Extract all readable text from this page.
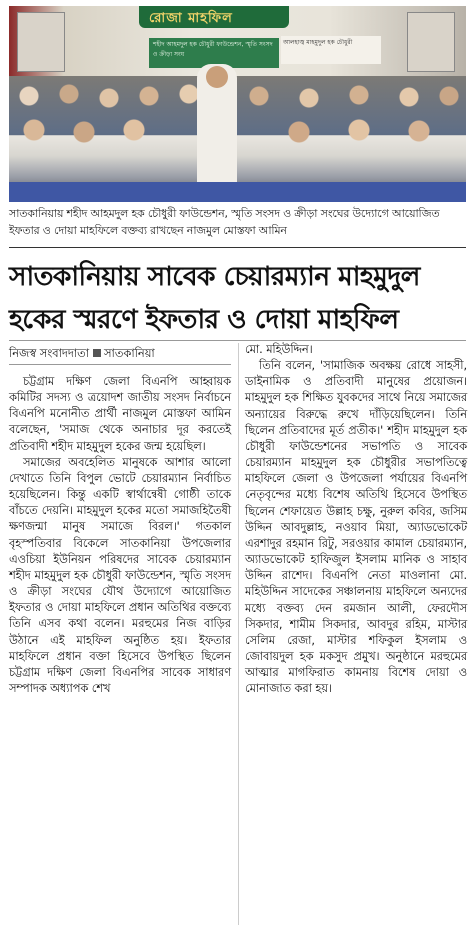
রোজা মাহফিল
শহীদ আহমদুল হক চৌধুরী ফাউন্ডেশন, স্মৃতি সংসদ ও ক্রীড়া সংঘ
আলহাজ্ব মাহমুদুল হক চৌধুরী
সাতকানিয়ায় শহীদ আহমদুল হক চৌধুরী ফাউন্ডেশন, স্মৃতি সংসদ ও ক্রীড়া সংঘের উদ্যোগে আয়োজিত ইফতার ও দোয়া মাহফিলে বক্তব্য রাখছেন নাজমুল মোস্তফা আমিন
সাতকানিয়ায় সাবেক চেয়ারম্যান মাহমুদুল হকের স্মরণে ইফতার ও দোয়া মাহফিল
নিজস্ব সংবাদদাতা সাতকানিয়া

চট্টগ্রাম দক্ষিণ জেলা বিএনপি আহ্বায়ক কমিটির সদস্য ও ত্রয়োদশ জাতীয় সংসদ নির্বাচনে বিএনপি মনোনীত প্রার্থী নাজমুল মোস্তফা আমিন বলেছেন, 'সমাজ থেকে অনাচার দূর করতেই প্রতিবাদী শহীদ মাহমুদুল হকের জন্ম হয়েছিল।

সমাজের অবহেলিত মানুষকে আশার আলো দেখাতে তিনি বিপুল ভোটে চেয়ারম্যান নির্বাচিত হয়েছিলেন। কিন্তু একটি স্বার্থান্বেষী গোষ্ঠী তাকে বাঁচতে দেয়নি। মাহমুদুল হকের মতো সমাজহিতৈষী ক্ষণজন্মা মানুষ সমাজে বিরল।' গতকাল বৃহস্পতিবার বিকেলে সাতকানিয়া উপজেলার এওচিয়া ইউনিয়ন পরিষদের সাবেক চেয়ারম্যান শহীদ মাহমুদুল হক চৌধুরী ফাউন্ডেশন, স্মৃতি সংসদ ও ক্রীড়া সংঘের যৌথ উদ্যোগে আয়োজিত ইফতার ও দোয়া মাহফিলে প্রধান অতিথির বক্তব্যে তিনি এসব কথা বলেন। মরহুমের নিজ বাড়ির উঠানে এই মাহফিল অনুষ্ঠিত হয়। ইফতার মাহফিলে প্রধান বক্তা হিসেবে উপস্থিত ছিলেন চট্টগ্রাম দক্ষিণ জেলা বিএনপির সাবেক সাধারণ সম্পাদক অধ্যাপক শেখ

মো. মহিউদ্দিন।

তিনি বলেন, 'সামাজিক অবক্ষয় রোধে সাহসী, ডাইনামিক ও প্রতিবাদী মানুষের প্রয়োজন। মাহমুদুল হক শিক্ষিত যুবকদের সাথে নিয়ে সমাজের অন্যায়ের বিরুদ্ধে রুখে দাঁড়িয়েছিলেন। তিনি ছিলেন প্রতিবাদের মূর্ত প্রতীক।' শহীদ মাহমুদুল হক চৌধুরী ফাউন্ডেশনের সভাপতি ও সাবেক চেয়ারম্যান মাহমুদুল হক চৌধুরীর সভাপতিত্বে মাহফিলে জেলা ও উপজেলা পর্যায়ের বিএনপি নেতৃবৃন্দের মধ্যে বিশেষ অতিথি হিসেবে উপস্থিত ছিলেন শেফায়েত উল্লাহ চক্ষু, নুরুল কবির, জসিম উদ্দিন আবদুল্লাহ, নওয়াব মিয়া, অ্যাডভোকেট এরশাদুর রহমান রিটু, সরওয়ার কামাল চেয়ারম্যান, অ্যাডভোকেট হাফিজুল ইসলাম মানিক ও সাহাব উদ্দিন রাশেদ। বিএনপি নেতা মাওলানা মো. মহিউদ্দিন সাদেকের সঞ্চালনায় মাহফিলে অন্যদের মধ্যে বক্তব্য দেন রমজান আলী, ফেরদৌস সিকদার, শামীম সিকদার, আবদুর রহিম, মাস্টার সেলিম রেজা, মাস্টার শফিকুল ইসলাম ও জোবায়দুল হক মকসুদ প্রমুখ। অনুষ্ঠানে মরহুমের আত্মার মাগফিরাত কামনায় বিশেষ দোয়া ও মোনাজাত করা হয়।
